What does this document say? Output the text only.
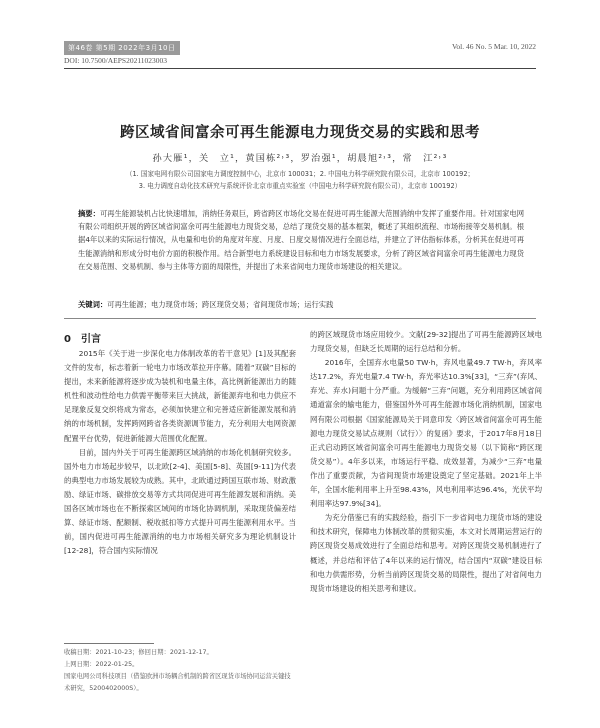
第46卷 第5期 2022年3月10日	Vol. 46 No. 5 Mar. 10, 2022
DOI: 10.7500/AEPS20211023003
跨区域省间富余可再生能源电力现货交易的实践和思考
孙大雁¹，关　立¹，黄国栋²˒³，罗治强¹，胡晨旭²˒³，常　江²˒³
（1. 国家电网有限公司国家电力调度控制中心，北京市 100031；2. 中国电力科学研究院有限公司，北京市 100192；
3. 电力调度自动化技术研究与系统评价北京市重点实验室（中国电力科学研究院有限公司），北京市 100192）
摘要：可再生能源装机占比快速增加，消纳任务艰巨，跨省跨区市场化交易在促进可再生能源大范围消纳中发挥了重要作用。针对国家电网有限公司组织开展的跨区域省间富余可再生能源电力现货交易，总结了现货交易的基本框架，概述了其组织流程、市场衔接等交易机制。根据4年以来的实际运行情况，从电量和电价的角度对年度、月度、日度交易情况进行全面总结，并建立了评估指标体系，分析其在促进可再生能源消纳和形成分时电价方面的积极作用。结合新型电力系统建设目标和电力市场发展要求，分析了跨区域省间富余可再生能源电力现货在交易范围、交易机制、参与主体等方面的局限性，并提出了未来省间电力现货市场建设的相关建议。
关键词：可再生能源；电力现货市场；跨区现货交易；省间现货市场；运行实践
0　引言

2015年《关于进一步深化电力体制改革的若干意见》[1]及其配套文件的发布，标志着新一轮电力市场改革拉开序幕。随着“双碳”目标的提出，未来新能源将逐步成为装机和电量主体，高比例新能源出力的随机性和波动性给电力供需平衡带来巨大挑战，新能源弃电和电力供应不足现象反复交织将成为常态，必须加快建立和完善适应新能源发展和消纳的市场机制，发挥跨网跨省各类资源调节能力，充分利用大电网资源配置平台优势，促进新能源大范围优化配置。

目前，国内外关于可再生能源跨区域消纳的市场化机制研究较多。国外电力市场起步较早，以北欧[2-4]、美国[5-8]、英国[9-11]为代表的典型电力市场发展较为成熟。其中，北欧通过跨国互联市场、财政激励、绿证市场、碳排放交易等方式共同促进可再生能源发展和消纳。美国各区域市场也在不断探索区域间的市场化协调机制，采取现货偏差结算、绿证市场、配额制、税收抵扣等方式提升可再生能源利用水平。当前，国内促进可再生能源消纳的电力市场相关研究多为理论机制设计[12-28]，符合国内实际情况

的跨区域现货市场应用较少。文献[29-32]提出了可再生能源跨区域电力现货交易，但缺乏长周期的运行总结和分析。

2016年，全国弃水电量50 TW·h，弃风电量49.7 TW·h，弃风率达17.2%，弃光电量7.4 TW·h，弃光率达10.3%[33]，“三弃”(弃风、弃光、弃水)问题十分严重。为缓解“三弃”问题，充分利用跨区域省间通道富余的输电能力，借鉴国外外可再生能源市场化消纳机制，国家电网有限公司根据《国家能源局关于同意印发〈跨区域省间富余可再生能源电力现货交易试点规则（试行）〉的复函》要求，于2017年8月18日正式启动跨区域省间富余可再生能源电力现货交易（以下简称“跨区现货交易”）。4年多以来，市场运行平稳、成效显著，为减少“三弃”电量作出了重要贡献，为省间现货市场建设奠定了坚定基础。2021年上半年，全国水能利用率上升至98.43%，风电利用率达96.4%，光伏平均利用率达97.9%[34]。

为充分借鉴已有的实践经验，指引下一步省间电力现货市场的建设和技术研究，保障电力体制改革的贯彻实施，本文对长周期运营运行的跨区现货交易成效进行了全面总结和思考。对跨区现货交易机制进行了概述，并总结和评估了4年以来的运行情况，结合国内“双碳”建设目标和电力供需形势，分析当前跨区现货交易的局限性，提出了对省间电力现货市场建设的相关思考和建议。

收稿日期：2021-10-23；修回日期：2021-12-17。
上网日期：2022-01-25。
国家电网公司科技项目（借鉴欧洲市场耦合机制的跨省区现货市场协同运营关键技术研究，5200402000S）。
